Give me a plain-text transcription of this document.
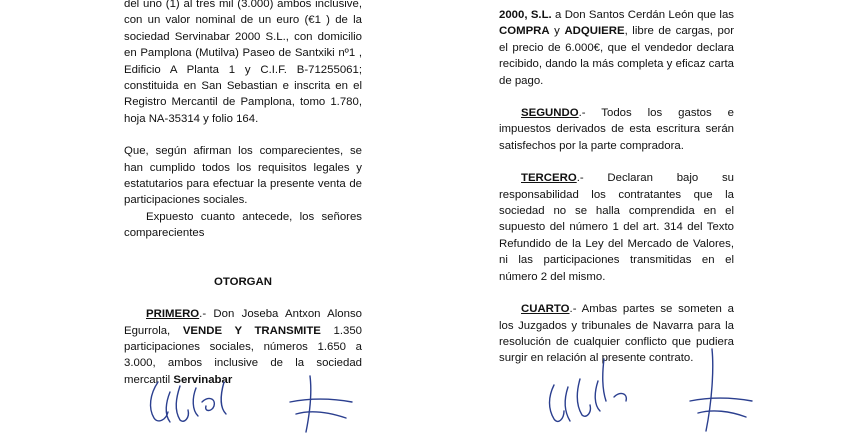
del uno (1) al tres mil (3.000) ambos inclusive, con un valor nominal de un euro (€1 ) de la sociedad Servinabar 2000 S.L., con domicilio en Pamplona (Mutilva) Paseo de Santxiki nº1 , Edificio A Planta 1 y C.I.F. B-71255061; constituida en San Sebastian e inscrita en el Registro Mercantil de Pamplona, tomo 1.780, hoja NA-35314 y folio 164.

Que, según afirman los comparecientes, se han cumplido todos los requisitos legales y estatutarios para efectuar la presente venta de participaciones sociales.

Expuesto cuanto antecede, los señores comparecientes

OTORGAN

PRIMERO.- Don Joseba Antxon Alonso Egurrola, VENDE Y TRANSMITE 1.350 participaciones sociales, números 1.650 a 3.000, ambos inclusive de la sociedad mercantil Servinabar

2000, S.L. a Don Santos Cerdán León que las COMPRA y ADQUIERE, libre de cargas, por el precio de 6.000€, que el vendedor declara recibido, dando la más completa y eficaz carta de pago.

SEGUNDO.- Todos los gastos e impuestos derivados de esta escritura serán satisfechos por la parte compradora.

TERCERO.- Declaran bajo su responsabilidad los contratantes que la sociedad no se halla comprendida en el supuesto del número 1 del art. 314 del Texto Refundido de la Ley del Mercado de Valores, ni las participaciones transmitidas en el número 2 del mismo.

CUARTO.- Ambas partes se someten a los Juzgados y tribunales de Navarra para la resolución de cualquier conflicto que pudiera surgir en relación al presente contrato.
